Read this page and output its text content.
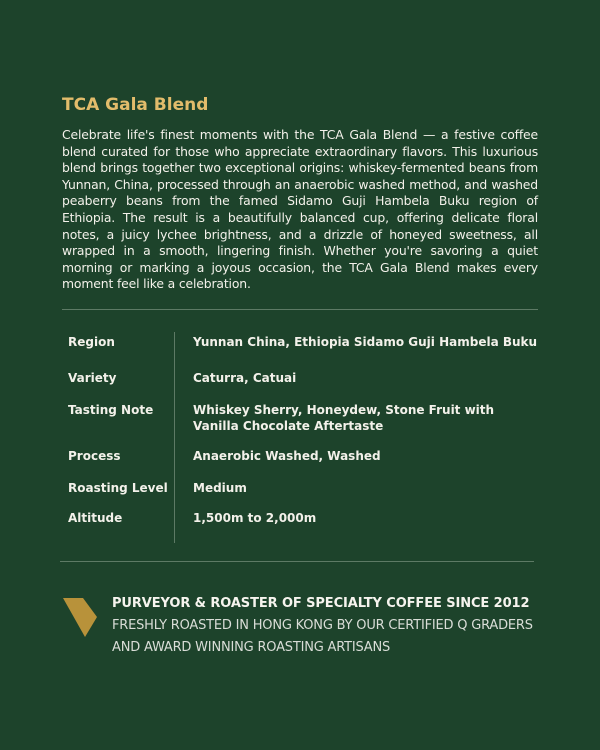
TCA Gala Blend

Celebrate life's finest moments with the TCA Gala Blend — a festive coffee blend curated for those who appreciate extraordinary flavors. This luxurious blend brings together two exceptional origins: whiskey-fermented beans from Yunnan, China, processed through an anaerobic washed method, and washed peaberry beans from the famed Sidamo Guji Hambela Buku region of Ethiopia. The result is a beautifully balanced cup, offering delicate floral notes, a juicy lychee brightness, and a drizzle of honeyed sweetness, all wrapped in a smooth, lingering finish. Whether you're savoring a quiet morning or marking a joyous occasion, the TCA Gala Blend makes every moment feel like a celebration.

Region	Yunnan China, Ethiopia Sidamo Guji Hambela Buku
Variety	Caturra, Catuai
Tasting Note	Whiskey Sherry, Honeydew, Stone Fruit with
Vanilla Chocolate Aftertaste
Process	Anaerobic Washed, Washed
Roasting Level Medium
Altitude	1,500m to 2,000m
PURVEYOR & ROASTER OF SPECIALTY COFFEE SINCE 2012
FRESHLY ROASTED IN HONG KONG BY OUR CERTIFIED Q GRADERS
AND AWARD WINNING ROASTING ARTISANS
